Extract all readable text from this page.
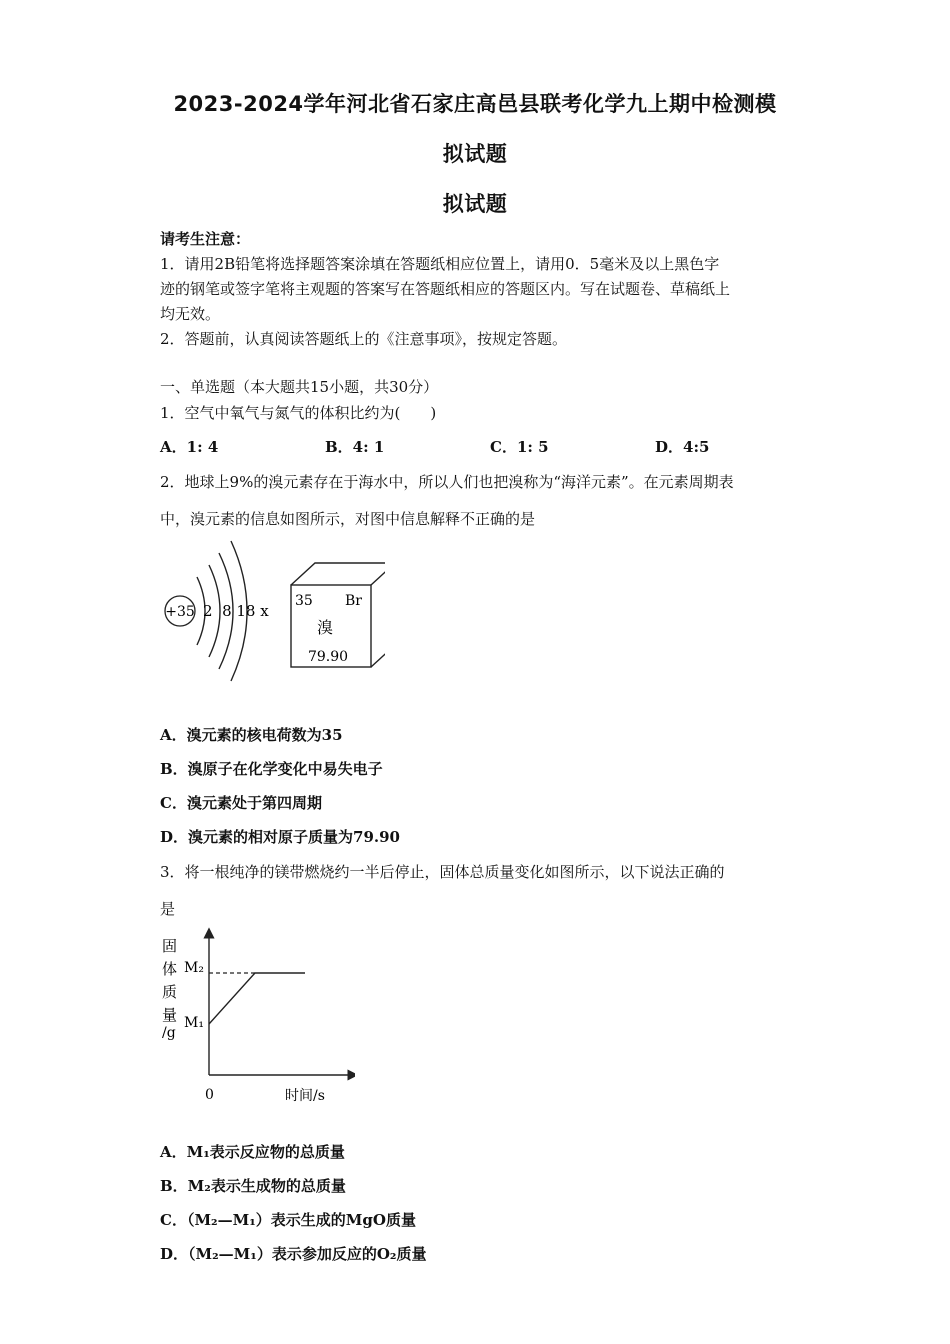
2023-2024学年河北省石家庄高邑县联考化学九上期中检测模
拟试题
拟试题
请考生注意：
1．请用2B铅笔将选择题答案涂填在答题纸相应位置上，请用0．5毫米及以上黑色字
迹的钢笔或签字笔将主观题的答案写在答题纸相应的答题区内。写在试题卷、草稿纸上
均无效。
2．答题前，认真阅读答题纸上的《注意事项》，按规定答题。
一、单选题（本大题共15小题，共30分）
1．空气中氧气与氮气的体积比约为(　　)
A．1: 4	B．4: 1	C．1: 5	D．4:5
2．地球上9%的溴元素存在于海水中，所以人们也把溴称为“海洋元素”。在元素周期表
中，溴元素的信息如图所示，对图中信息解释不正确的是
+35 2  8 18 x
35 Br
溴
79.90
A．溴元素的核电荷数为35
B．溴原子在化学变化中易失电子
C．溴元素处于第四周期
D．溴元素的相对原子质量为79.90
3．将一根纯净的镁带燃烧约一半后停止，固体总质量变化如图所示，以下说法正确的
是
固
体
质
量
/g
M₂
M₁
0	时间/s
A．M₁表示反应物的总质量
B．M₂表示生成物的总质量
C．（M₂—M₁）表示生成的MgO质量
D．（M₂—M₁）表示参加反应的O₂质量
